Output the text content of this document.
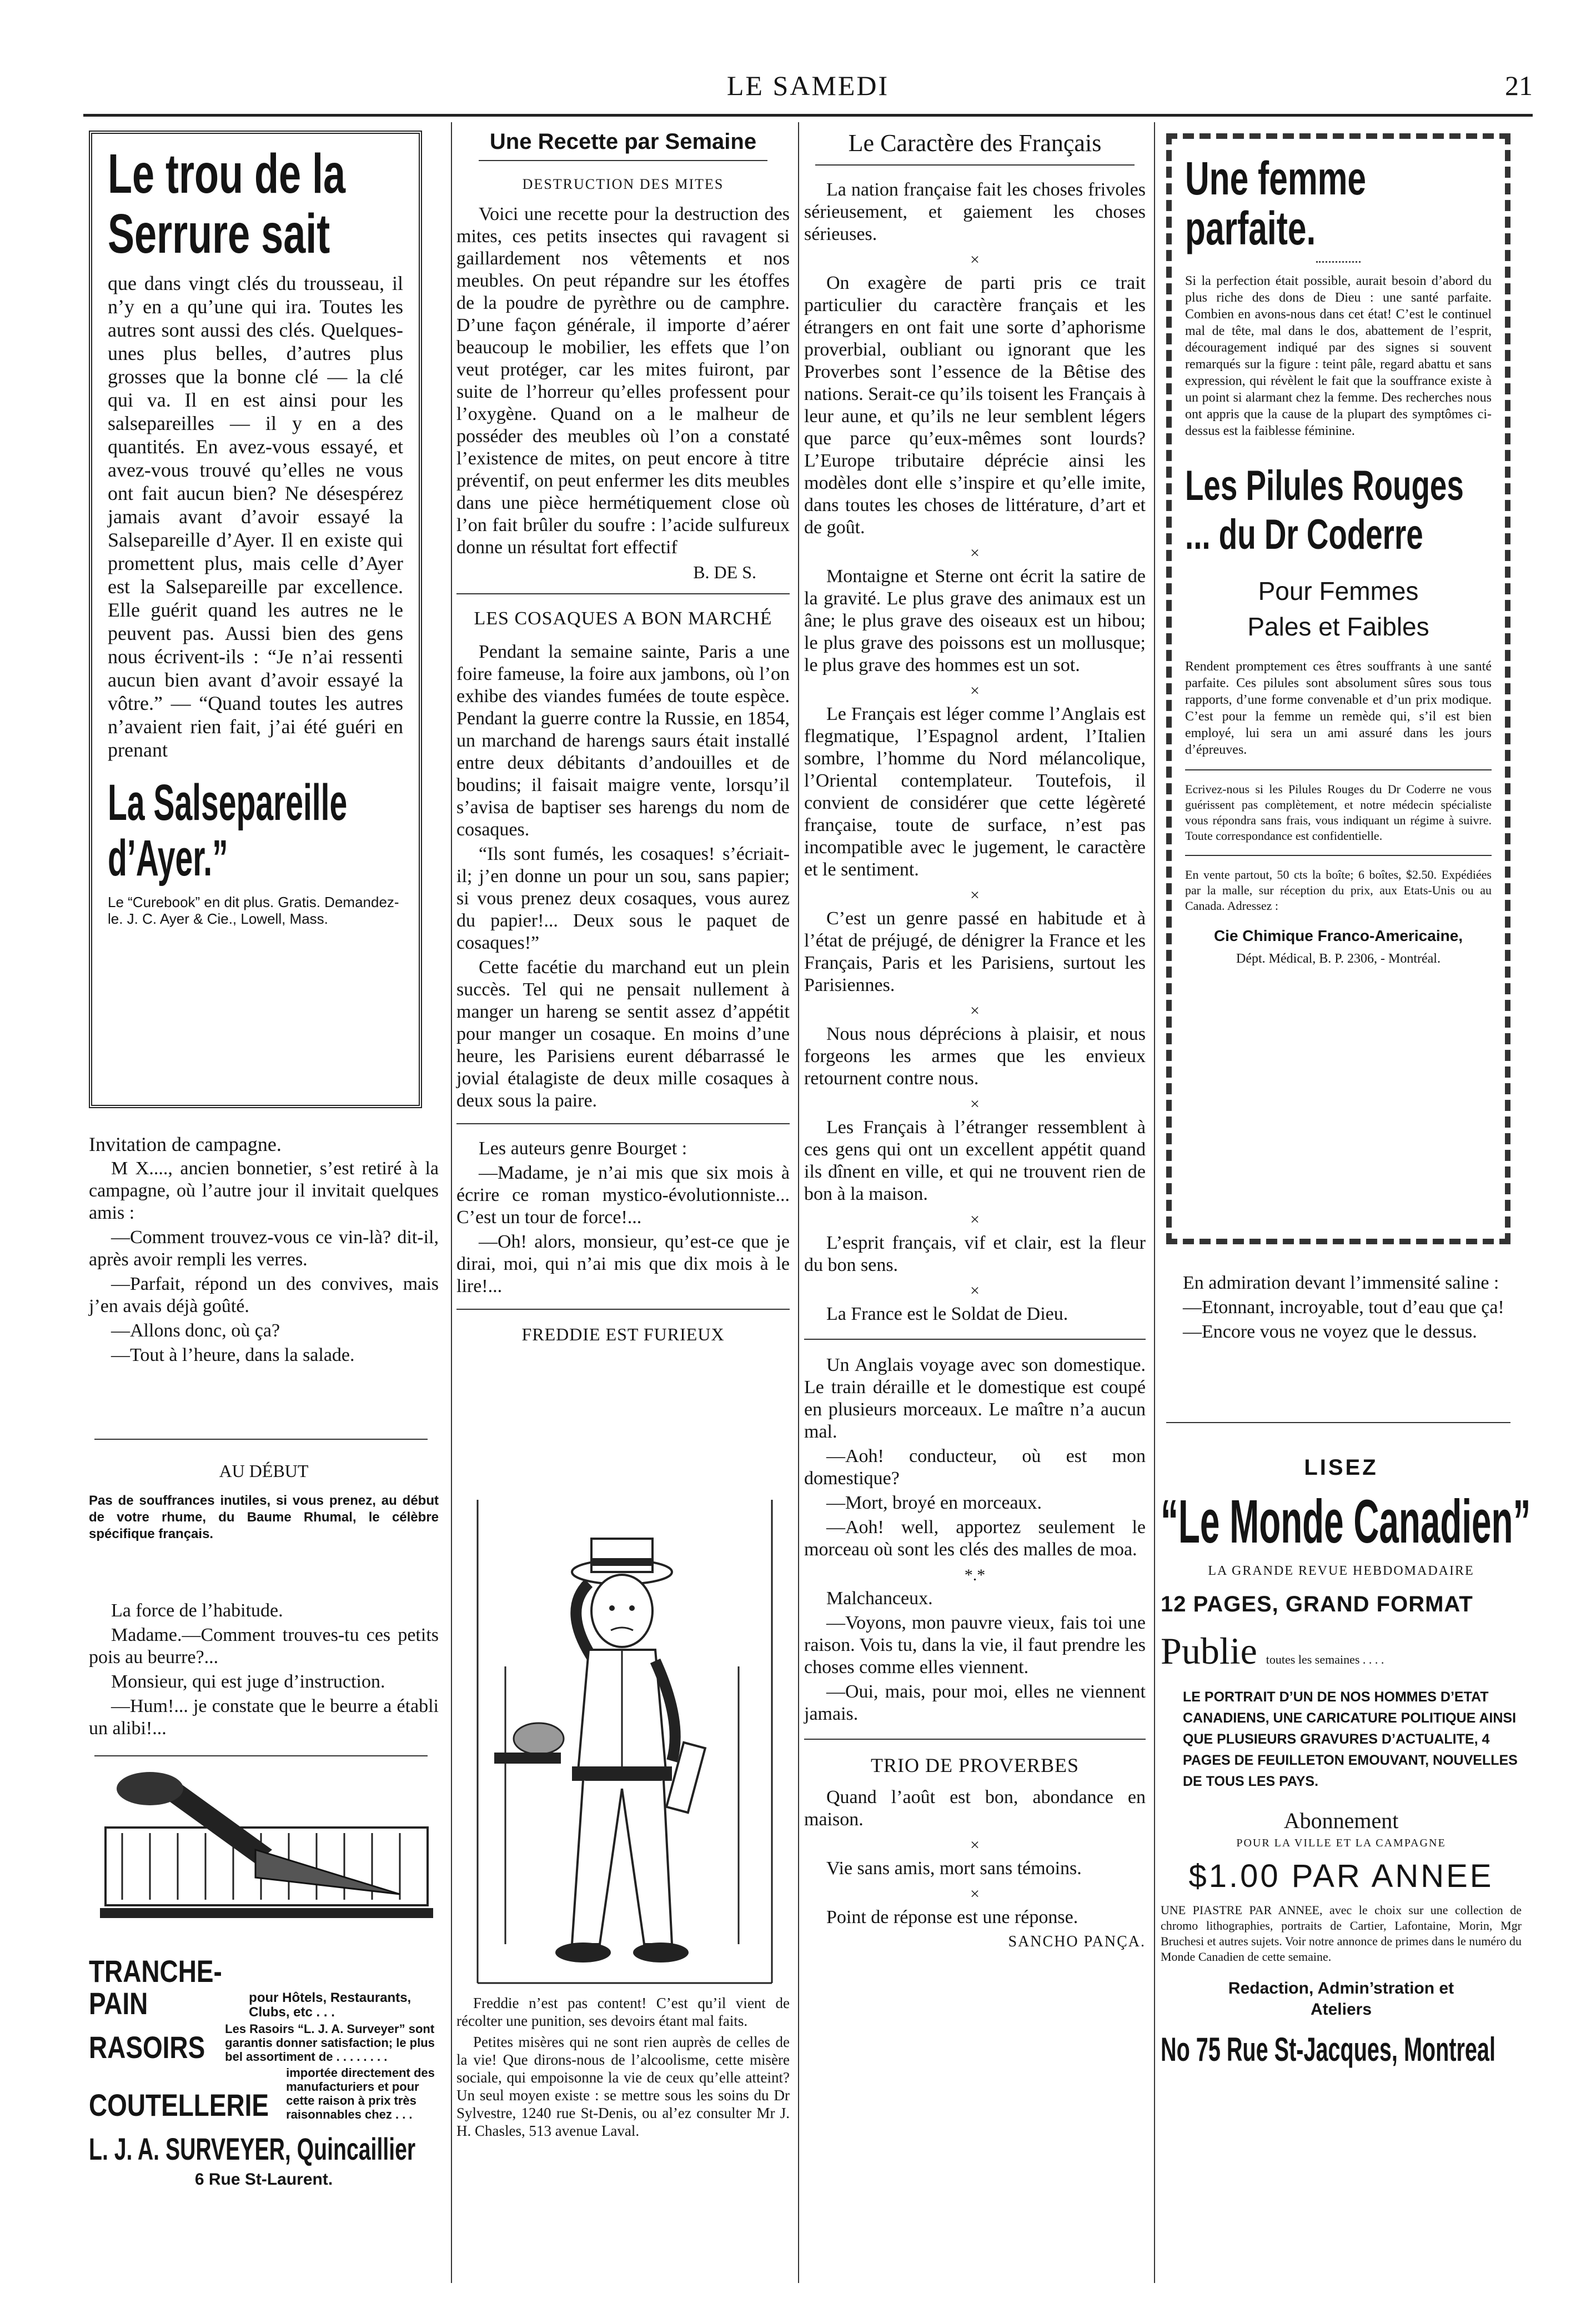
LE SAMEDI	21
Le trou de la Serrure sait
que dans vingt clés du trousseau, il n’y en a qu’une qui ira. Toutes les autres sont aussi des clés. Quelques-unes plus belles, d’autres plus grosses que la bonne clé — la clé qui va. Il en est ainsi pour les salsepareilles — il y en a des quantités. En avez-vous essayé, et avez-vous trouvé qu’elles ne vous ont fait aucun bien? Ne désespérez jamais avant d’avoir essayé la Salsepareille d’Ayer. Il en existe qui promettent plus, mais celle d’Ayer est la Salsepareille par excellence. Elle guérit quand les autres ne le peuvent pas. Aussi bien des gens nous écrivent-ils : “Je n’ai ressenti aucun bien avant d’avoir essayé la vôtre.” — “Quand toutes les autres n’avaient rien fait, j’ai été guéri en prenant
La Salsepareille d’Ayer.”
Le “Curebook” en dit plus. Gratis. Demandez-le. J. C. Ayer & Cie., Lowell, Mass.

Invitation de campagne.

M X...., ancien bonnetier, s’est retiré à la campagne, où l’autre jour il invitait quelques amis :

—Comment trouvez-vous ce vin-là? dit-il, après avoir rempli les verres.

—Parfait, répond un des convives, mais j’en avais déjà goûté.

—Allons donc, où ça?

—Tout à l’heure, dans la salade.

AU DÉBUT
Pas de souffrances inutiles, si vous prenez, au début de votre rhume, du Baume Rhumal, le célèbre spécifique français.

La force de l’habitude.

Madame.—Comment trouves-tu ces petits pois au beurre?...

Monsieur, qui est juge d’instruction.

—Hum!... je constate que le beurre a établi un alibi!...

TRANCHE-PAIN	pour Hôtels, Restaurants, Clubs, etc . . .
RASOIRS
Les Rasoirs “L. J. A. Surveyer” sont garantis donner satisfaction; le plus bel assortiment de . . . . . . . .
COUTELLERIE
importée directement des manufacturiers et pour cette raison à prix très raisonnables chez . . .
L. J. A. SURVEYER, Quincaillier
6 Rue St-Laurent.
Une Recette par Semaine
DESTRUCTION DES MITES

Voici une recette pour la destruction des mites, ces petits insectes qui ravagent si gaillardement nos vêtements et nos meubles. On peut répandre sur les étoffes de la poudre de pyrèthre ou de camphre. D’une façon générale, il importe d’aérer beaucoup le mobilier, les effets que l’on veut protéger, car les mites fuiront, par suite de l’horreur qu’elles professent pour l’oxygène. Quand on a le malheur de posséder des meubles où l’on a constaté l’existence de mites, on peut encore à titre préventif, on peut enfermer les dits meubles dans une pièce hermétiquement close où l’on fait brûler du soufre : l’acide sulfureux donne un résultat fort effectif

B. DE S.
LES COSAQUES A BON MARCHÉ

Pendant la semaine sainte, Paris a une foire fameuse, la foire aux jambons, où l’on exhibe des viandes fumées de toute espèce. Pendant la guerre contre la Russie, en 1854, un marchand de harengs saurs était installé entre deux débitants d’andouilles et de boudins; il faisait maigre vente, lorsqu’il s’avisa de baptiser ses harengs du nom de cosaques.

“Ils sont fumés, les cosaques! s’écriait-il; j’en donne un pour un sou, sans papier; si vous prenez deux cosaques, vous aurez du papier!... Deux sous le paquet de cosaques!”

Cette facétie du marchand eut un plein succès. Tel qui ne pensait nullement à manger un hareng se sentit assez d’appétit pour manger un cosaque. En moins d’une heure, les Parisiens eurent débarrassé le jovial étalagiste de deux mille cosaques à deux sous la paire.

Les auteurs genre Bourget :

—Madame, je n’ai mis que six mois à écrire ce roman mystico-évolutionniste... C’est un tour de force!...

—Oh! alors, monsieur, qu’est-ce que je dirai, moi, qui n’ai mis que dix mois à le lire!...

FREDDIE EST FURIEUX

Freddie n’est pas content! C’est qu’il vient de récolter une punition, ses devoirs étant mal faits.

Petites misères qui ne sont rien auprès de celles de la vie! Que dirons-nous de l’alcoolisme, cette misère sociale, qui empoisonne la vie de ceux qu’elle atteint? Un seul moyen existe : se mettre sous les soins du Dr Sylvestre, 1240 rue St-Denis, ou al’ez consulter Mr J. H. Chasles, 513 avenue Laval.

Le Caractère des Français

La nation française fait les choses frivoles sérieusement, et gaiement les choses sérieuses.

×

On exagère de parti pris ce trait particulier du caractère français et les étrangers en ont fait une sorte d’aphorisme proverbial, oubliant ou ignorant que les Proverbes sont l’essence de la Bêtise des nations. Serait-ce qu’ils toisent les Français à leur aune, et qu’ils ne leur semblent légers que parce qu’eux-mêmes sont lourds? L’Europe tributaire déprécie ainsi les modèles dont elle s’inspire et qu’elle imite, dans toutes les choses de littérature, d’art et de goût.

×

Montaigne et Sterne ont écrit la satire de la gravité. Le plus grave des animaux est un âne; le plus grave des oiseaux est un hibou; le plus grave des poissons est un mollusque; le plus grave des hommes est un sot.

×

Le Français est léger comme l’Anglais est flegmatique, l’Espagnol ardent, l’Italien sombre, l’homme du Nord mélancolique, l’Oriental contemplateur. Toutefois, il convient de considérer que cette légèreté française, toute de surface, n’est pas incompatible avec le jugement, le caractère et le sentiment.

×

C’est un genre passé en habitude et à l’état de préjugé, de dénigrer la France et les Français, Paris et les Parisiens, surtout les Parisiennes.

×

Nous nous déprécions à plaisir, et nous forgeons les armes que les envieux retournent contre nous.

×

Les Français à l’étranger ressemblent à ces gens qui ont un excellent appétit quand ils dînent en ville, et qui ne trouvent rien de bon à la maison.

×

L’esprit français, vif et clair, est la fleur du bon sens.

×

La France est le Soldat de Dieu.

Un Anglais voyage avec son domestique. Le train déraille et le domestique est coupé en plusieurs morceaux. Le maître n’a aucun mal.

—Aoh! conducteur, où est mon domestique?

—Mort, broyé en morceaux.

—Aoh! well, apportez seulement le morceau où sont les clés des malles de moa.

*.*

Malchanceux.

—Voyons, mon pauvre vieux, fais toi une raison. Vois tu, dans la vie, il faut prendre les choses comme elles viennent.

—Oui, mais, pour moi, elles ne viennent jamais.

TRIO DE PROVERBES

Quand l’août est bon, abondance en maison.

×

Vie sans amis, mort sans témoins.

×

Point de réponse est une réponse.

SANCHO PANÇA.
Une femme parfaite.
Si la perfection était possible, aurait besoin d’abord du plus riche des dons de Dieu : une santé parfaite. Combien en avons-nous dans cet état! C’est le continuel mal de tête, mal dans le dos, abattement de l’esprit, découragement indiqué par des signes si souvent remarqués sur la figure : teint pâle, regard abattu et sans expression, qui révèlent le fait que la souffrance existe à un point si alarmant chez la femme. Des recherches nous ont appris que la cause de la plupart des symptômes ci-dessus est la faiblesse féminine.
Les Pilules Rouges ... du Dr Coderre
Pour Femmes
Pales et Faibles
Rendent promptement ces êtres souffrants à une santé parfaite. Ces pilules sont absolument sûres sous tous rapports, d’une forme convenable et d’un prix modique. C’est pour la femme un remède qui, s’il est bien employé, lui sera un ami assuré dans les jours d’épreuves.
Ecrivez-nous si les Pilules Rouges du Dr Coderre ne vous guérissent pas complètement, et notre médecin spécialiste vous répondra sans frais, vous indiquant un régime à suivre. Toute correspondance est confidentielle.
En vente partout, 50 cts la boîte; 6 boîtes, $2.50. Expédiées par la malle, sur réception du prix, aux Etats-Unis ou au Canada. Adressez :
Cie Chimique Franco-Americaine,
Dépt. Médical, B. P. 2306, - Montréal.

En admiration devant l’immensité saline :

—Etonnant, incroyable, tout d’eau que ça!

—Encore vous ne voyez que le dessus.

LISEZ
“Le Monde Canadien”
LA GRANDE REVUE HEBDOMADAIRE
12 PAGES, GRAND FORMAT
Publie toutes les semaines . . . .
LE PORTRAIT D’UN DE NOS HOMMES D’ETAT CANADIENS, UNE CARICATURE POLITIQUE AINSI QUE PLUSIEURS GRAVURES D’ACTUALITE, 4 PAGES DE FEUILLETON EMOUVANT, NOUVELLES DE TOUS LES PAYS.
Abonnement
POUR LA VILLE ET LA CAMPAGNE
$1.00 PAR ANNEE
UNE PIASTRE PAR ANNEE, avec le choix sur une collection de chromo lithographies, portraits de Cartier, Lafontaine, Morin, Mgr Bruchesi et autres sujets. Voir notre annonce de primes dans le numéro du Monde Canadien de cette semaine.
Redaction, Admin’stration et Ateliers
No 75 Rue St-Jacques, Montreal
